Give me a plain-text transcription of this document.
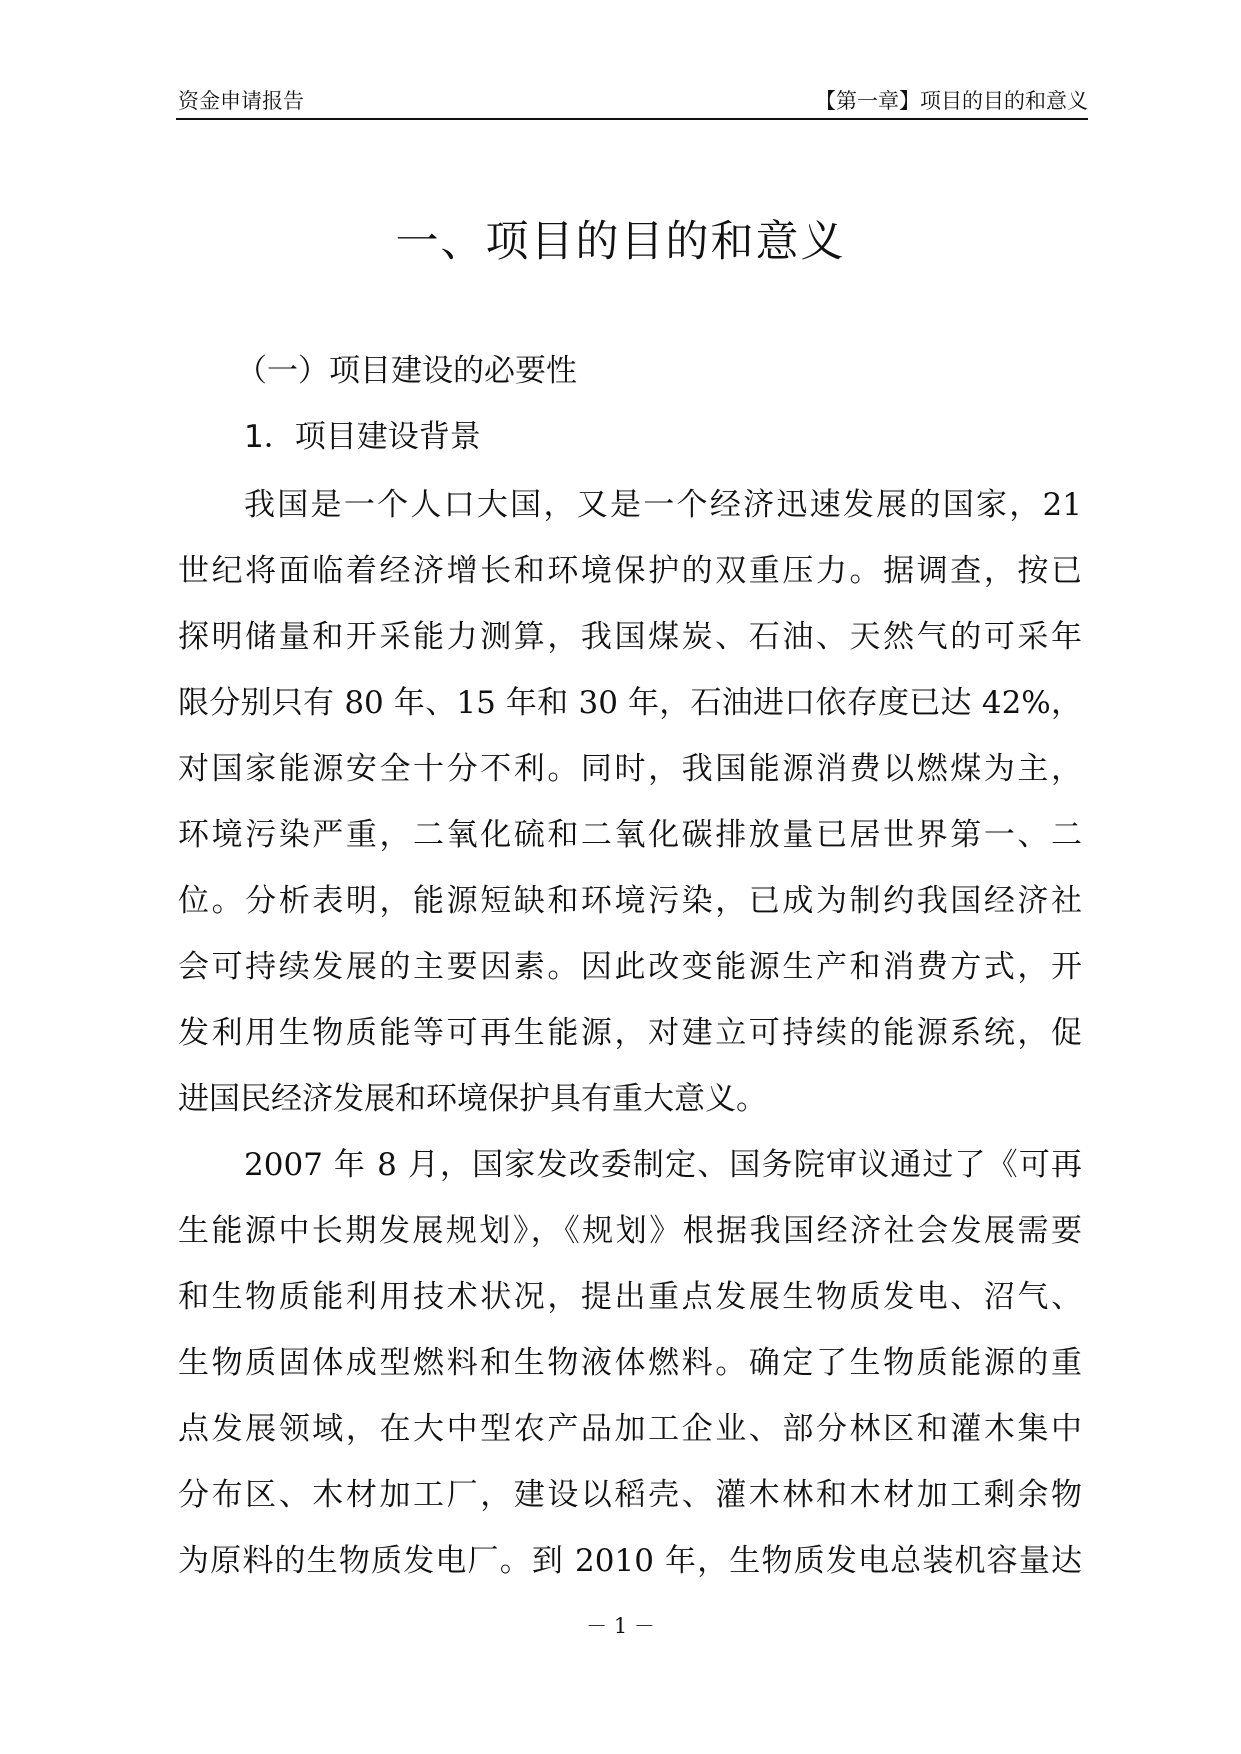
资金申请报告	【第一章】项目的目的和意义
一、项目的目的和意义
（一）项目建设的必要性
1．项目建设背景
我国是一个人口大国，又是一个经济迅速发展的国家，21
世纪将面临着经济增长和环境保护的双重压力。据调查，按已
探明储量和开采能力测算，我国煤炭、石油、天然气的可采年
限分别只有 80 年、15 年和 30 年，石油进口依存度已达 42%，
对国家能源安全十分不利。同时，我国能源消费以燃煤为主，
环境污染严重，二氧化硫和二氧化碳排放量已居世界第一、二
位。分析表明，能源短缺和环境污染，已成为制约我国经济社
会可持续发展的主要因素。因此改变能源生产和消费方式，开
发利用生物质能等可再生能源，对建立可持续的能源系统，促
进国民经济发展和环境保护具有重大意义。
2007 年 8 月，国家发改委制定、国务院审议通过了《可再
生能源中长期发展规划》，《规划》根据我国经济社会发展需要
和生物质能利用技术状况，提出重点发展生物质发电、沼气、
生物质固体成型燃料和生物液体燃料。确定了生物质能源的重
点发展领域，在大中型农产品加工企业、部分林区和灌木集中
分布区、木材加工厂，建设以稻壳、灌木林和木材加工剩余物
为原料的生物质发电厂。到 2010 年，生物质发电总装机容量达
－ 1 －
